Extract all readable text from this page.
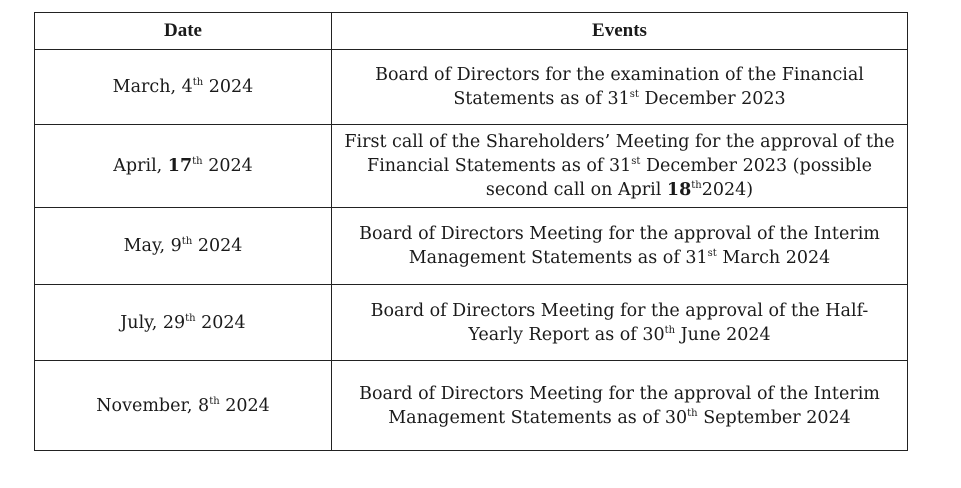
Date	Events
March, 4th 2024	Board of Directors for the examination of the Financial Statements as of 31st December 2023
April, 17th 2024	First call of the Shareholders’ Meeting for the approval of the Financial Statements as of 31st December 2023 (possible second call on April 18th2024)
May, 9th 2024	Board of Directors Meeting for the approval of the Interim Management Statements as of 31st March 2024
July, 29th 2024	Board of Directors Meeting for the approval of the Half-Yearly Report as of 30th June 2024
November, 8th 2024	Board of Directors Meeting for the approval of the Interim Management Statements as of 30th September 2024
